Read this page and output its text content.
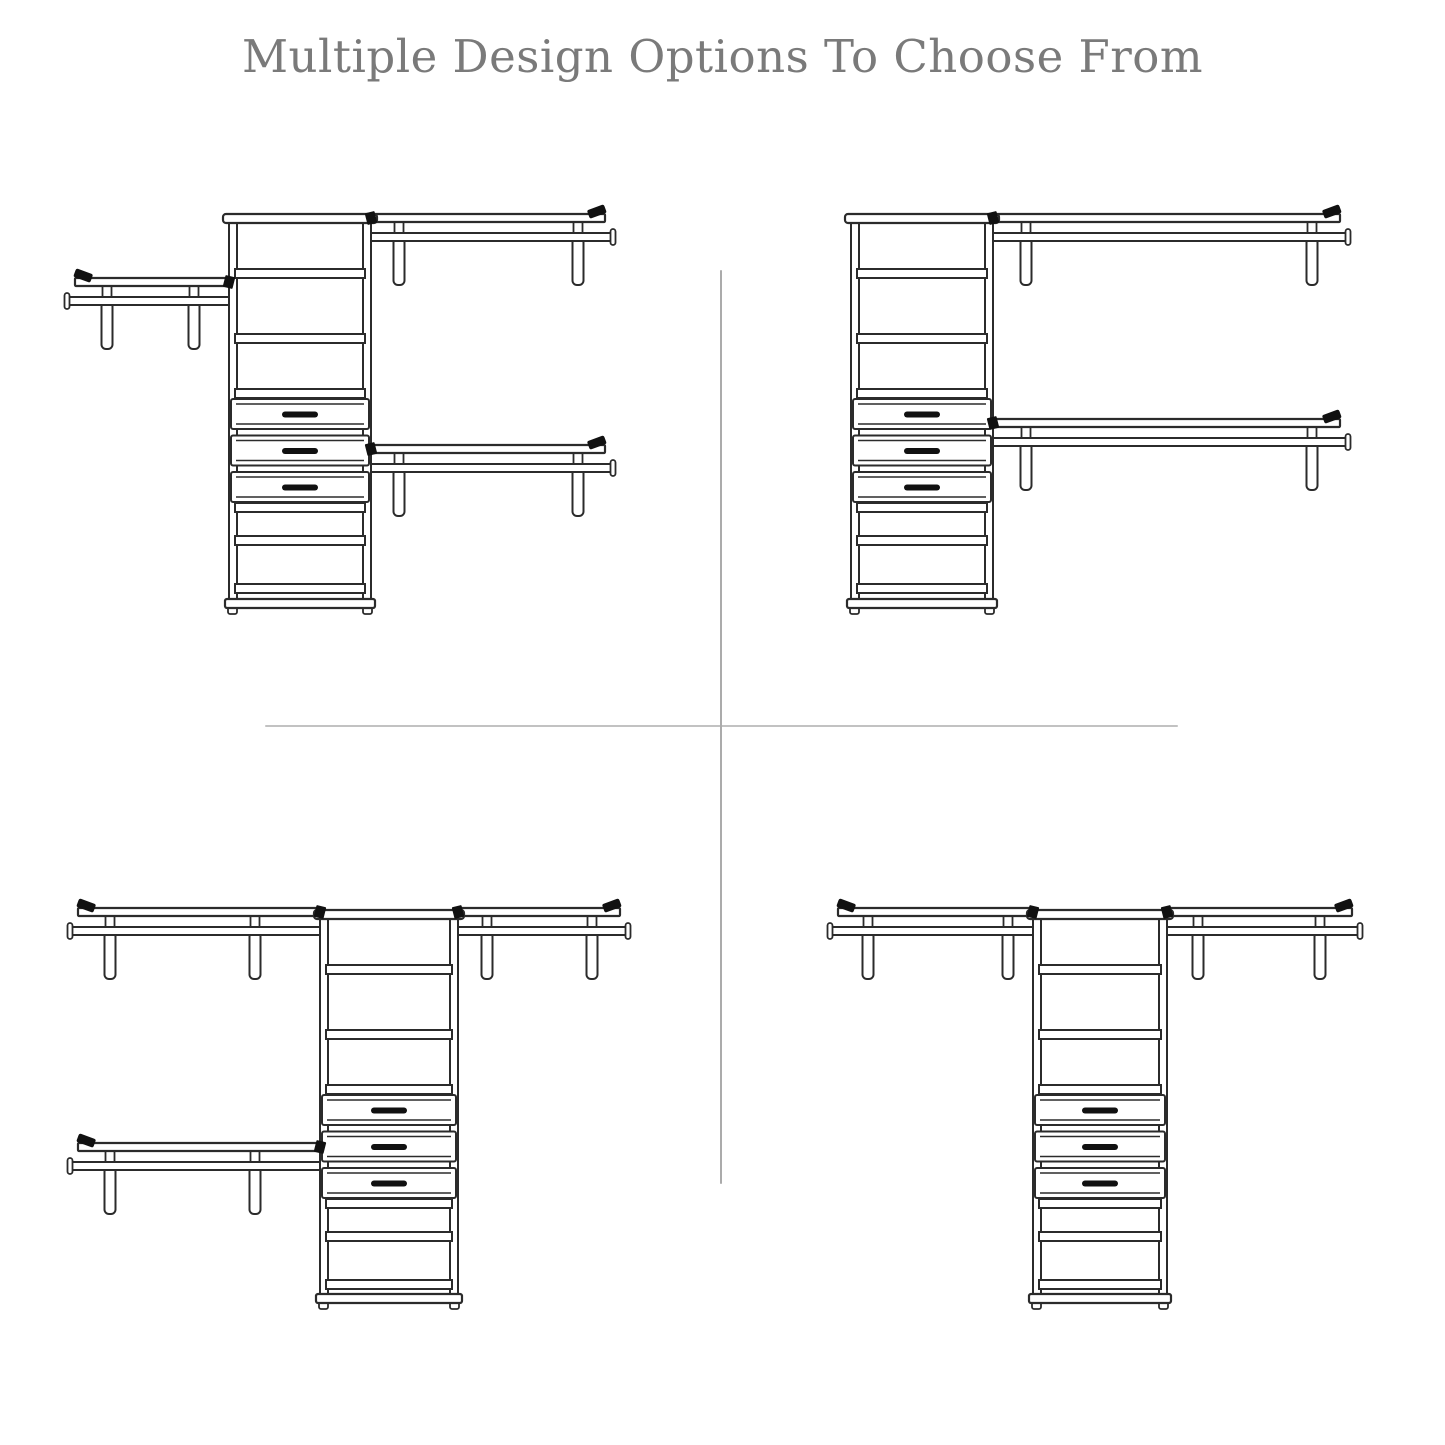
Multiple Design Options To Choose From
